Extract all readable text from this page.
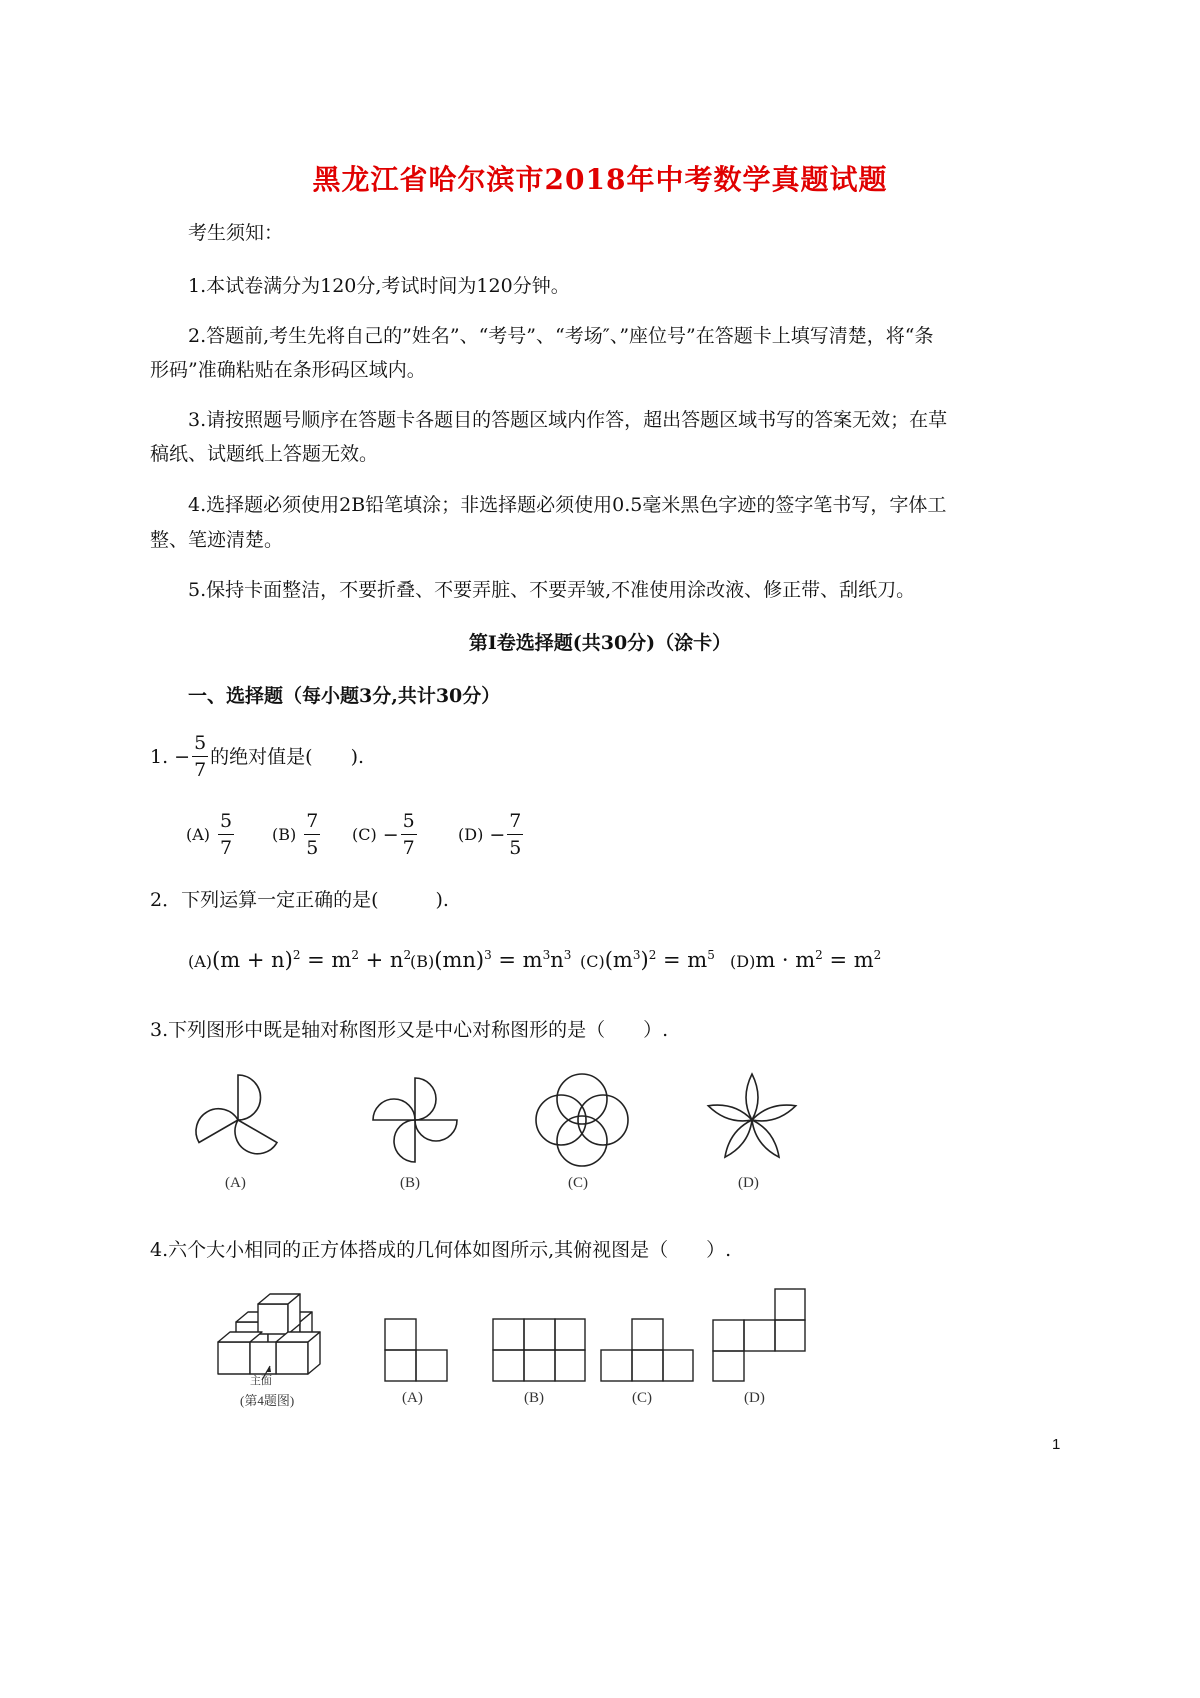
黑龙江省哈尔滨市2018年中考数学真题试题
考生须知：
1.本试卷满分为120分,考试时间为120分钟。
2.答题前,考生先将自己的”姓名”、“考号”、“考场″、”座位号”在答题卡上填写清楚，将“条
形码”准确粘贴在条形码区域内。
3.请按照题号顺序在答题卡各题目的答题区域内作答，超出答题区域书写的答案无效；在草
稿纸、试题纸上答题无效。
4.选择题必须使用2B铅笔填涂；非选择题必须使用0.5毫米黑色字迹的签字笔书写，字体工
整、笔迹清楚。
5.保持卡面整洁，不要折叠、不要弄脏、不要弄皱,不准使用涂改液、修正带、刮纸刀。
第Ⅰ卷选择题(共30分)（涂卡）
一、选择题（每小题3分,共计30分）
1. − $\frac{5}{7}$ 的绝对值是(　　).
$(A) \frac{5}{7} (B) \frac{7}{5} (C) - \frac{5}{7}$	$(D) - \frac{7}{5}$
2．下列运算一定正确的是(　　　).
$(A)(m + n)^2 = m^2 + n^2$
$(B)(mn)^3 = m^3n^3$ $(C)(m^3)^2 = m^5$ $(D)m \cdot m^2 = m^2$
3.下列图形中既是轴对称图形又是中心对称图形的是（　　）.
(A)	(B)	(C)	(D)
4.六个大小相同的正方体搭成的几何体如图所示,其俯视图是（　　）.
主面
(第4题图)	(A)	(B)	(C)	(D)
1
